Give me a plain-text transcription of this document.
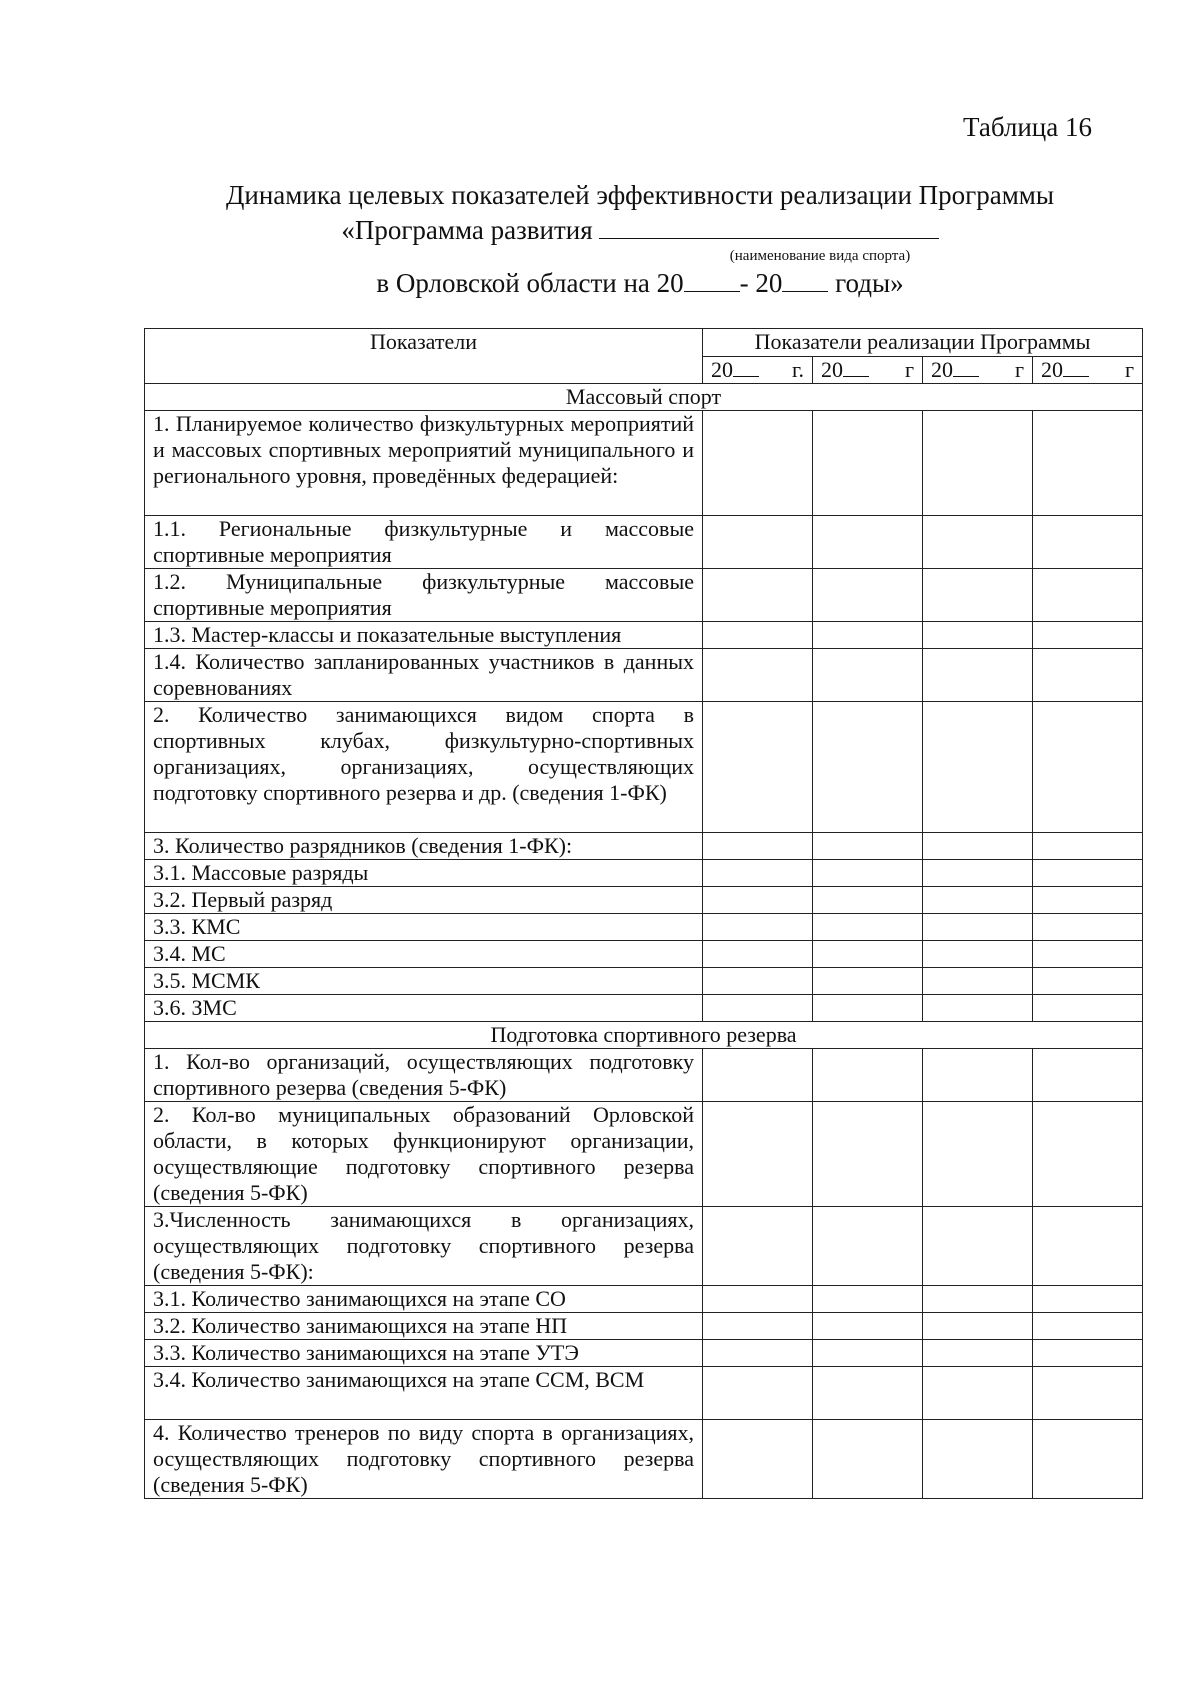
Таблица 16
Динамика целевых показателей эффективности реализации Программы
«Программа развития
(наименование вида спорта)
в Орловской области на 20 - 20 годы»
Показатели	Показатели реализации Программы			
	20 г.	20 г	20 г	20 г

Массовый спорт				
1. Планируемое количество физкультурных мероприятий и массовых спортивных мероприятий муниципального и регионального уровня, проведённых федерацией:				
1.1. Региональные физкультурные и массовые спортивные мероприятия				
1.2. Муниципальные физкультурные массовые спортивные мероприятия				
1.3. Мастер-классы и показательные выступления				
1.4. Количество запланированных участников в данных соревнованиях				
2. Количество занимающихся видом спорта в спортивных клубах, физкультурно-спортивных организациях, организациях, осуществляющих подготовку спортивного резерва и др. (сведения 1-ФК)				
3. Количество разрядников (сведения 1-ФК):				
3.1. Массовые разряды				
3.2. Первый разряд				
3.3. КМС				
3.4. МС				
3.5. МСМК				
3.6. ЗМС				
Подготовка спортивного резерва				
1. Кол-во организаций, осуществляющих подготовку спортивного резерва (сведения 5-ФК)				
2. Кол-во муниципальных образований Орловской области, в которых функционируют организации, осуществляющие подготовку спортивного резерва (сведения 5-ФК)				
3.Численность занимающихся в организациях, осуществляющих подготовку спортивного резерва (сведения 5-ФК):				
3.1. Количество занимающихся на этапе СО				
3.2. Количество занимающихся на этапе НП				
3.3. Количество занимающихся на этапе УТЭ				
3.4. Количество занимающихся на этапе ССМ, ВСМ				
4. Количество тренеров по виду спорта в организациях, осуществляющих подготовку спортивного резерва (сведения 5-ФК)				
